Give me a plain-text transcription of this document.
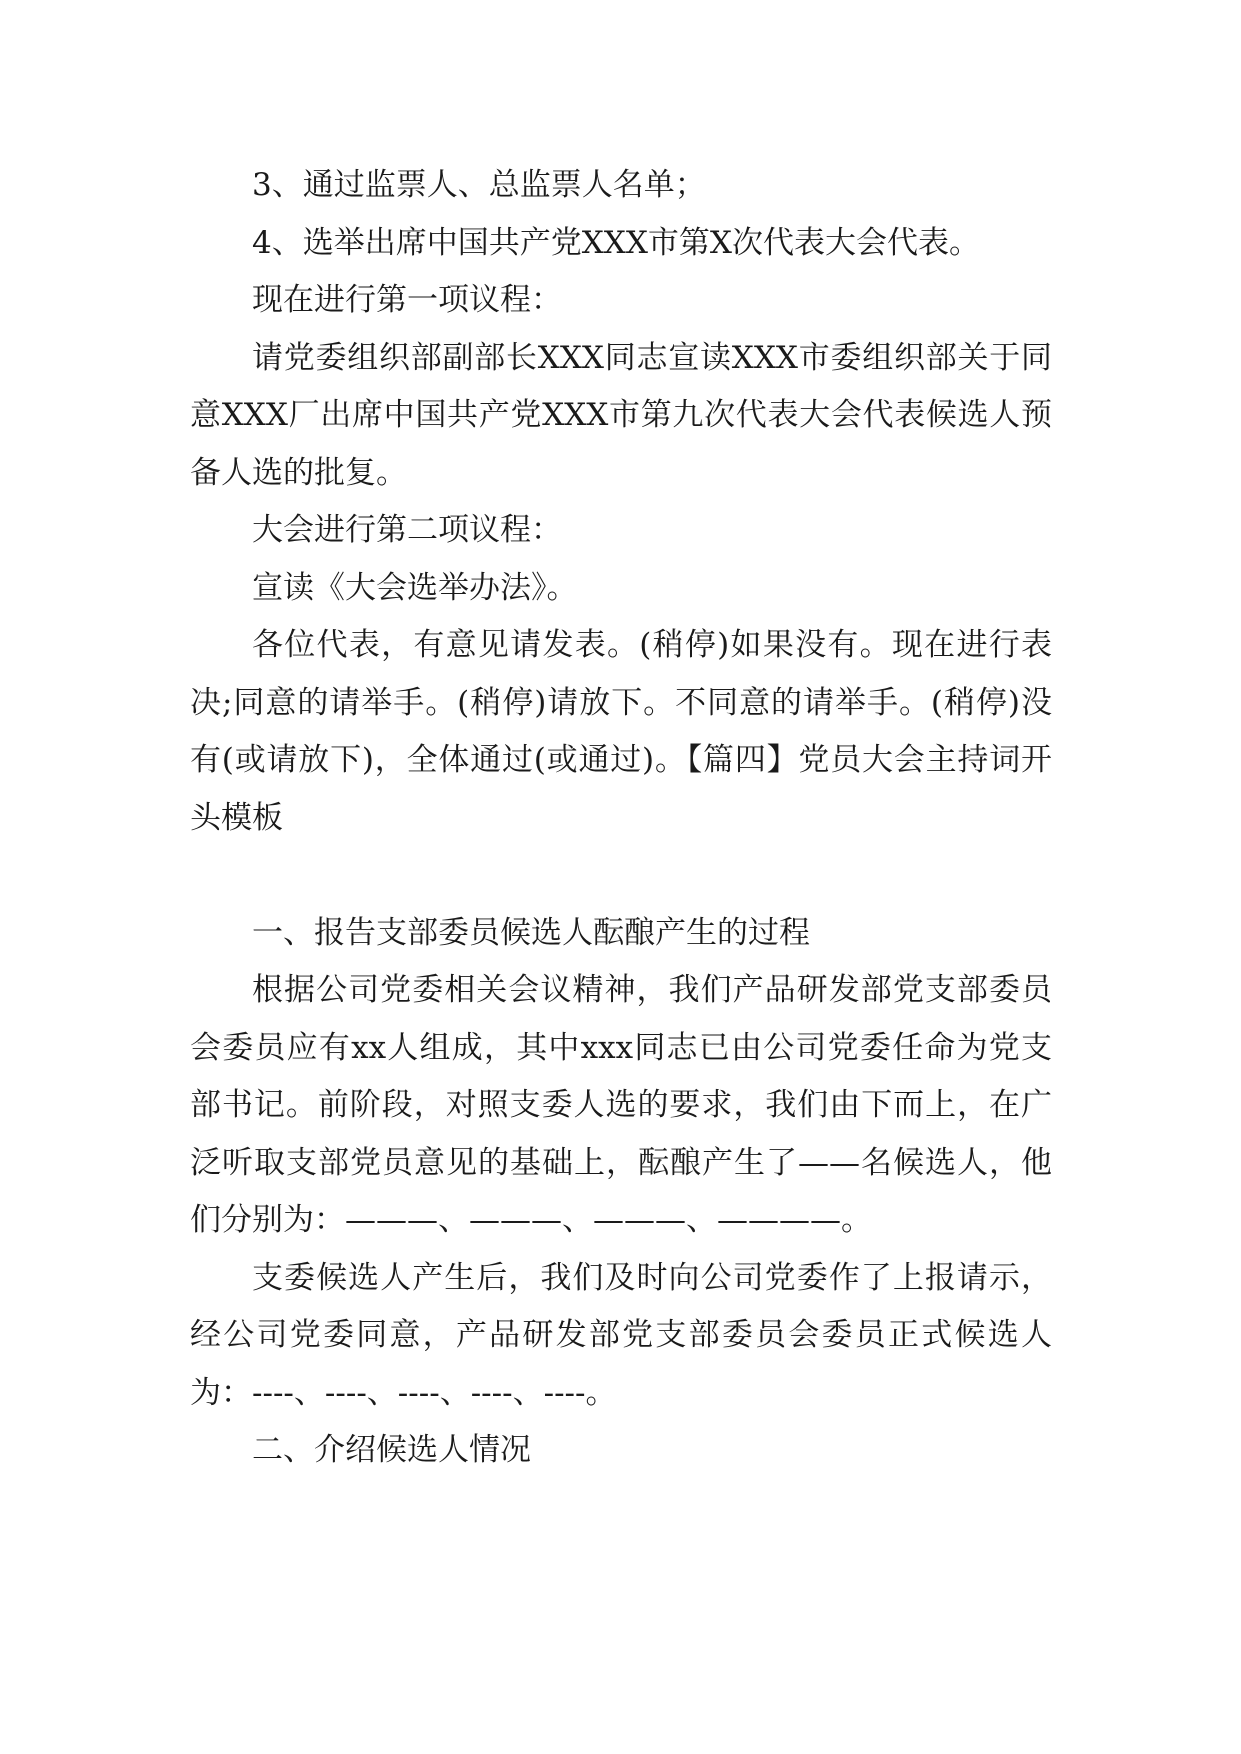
3、通过监票人、总监票人名单；

4、选举出席中国共产党XXX市第X次代表大会代表。

现在进行第一项议程：

请党委组织部副部长XXX同志宣读XXX市委组织部关于同意XXX厂出席中国共产党XXX市第九次代表大会代表候选人预备人选的批复。

大会进行第二项议程：

宣读《大会选举办法》。

各位代表，有意见请发表。(稍停)如果没有。现在进行表决;同意的请举手。(稍停)请放下。不同意的请举手。(稍停)没有(或请放下)，全体通过(或通过)。【篇四】党员大会主持词开头模板

一、报告支部委员候选人酝酿产生的过程

根据公司党委相关会议精神，我们产品研发部党支部委员会委员应有xx人组成，其中xxx同志已由公司党委任命为党支部书记。前阶段，对照支委人选的要求，我们由下而上，在广泛听取支部党员意见的基础上，酝酿产生了——名候选人，他们分别为：———、———、———、————。

支委候选人产生后，我们及时向公司党委作了上报请示，经公司党委同意，产品研发部党支部委员会委员正式候选人为：----、----、----、----、----。

二、介绍候选人情况
